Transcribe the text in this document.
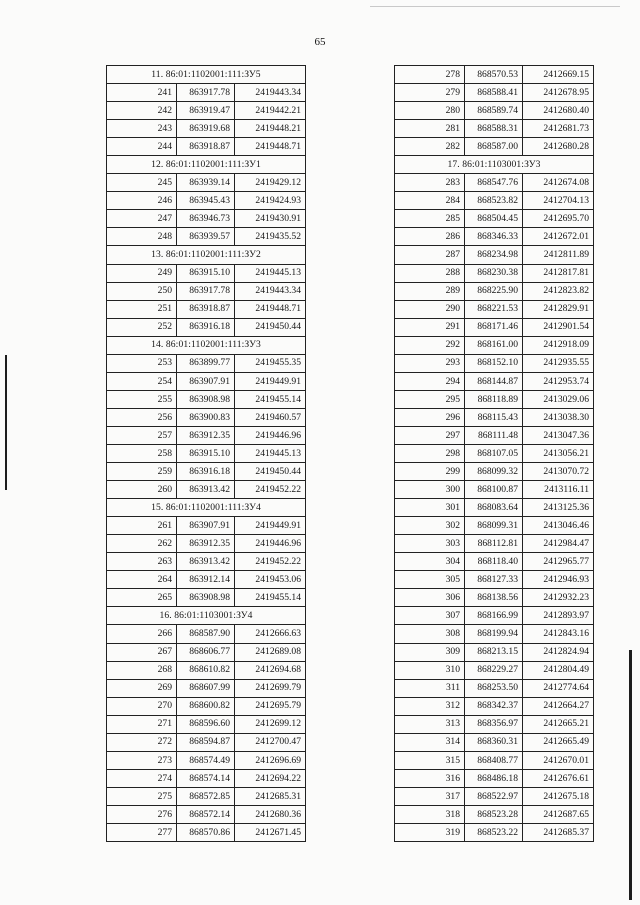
65
11. 86:01:1102001:111:ЗУ5		
241	863917.78	2419443.34
242	863919.47	2419442.21
243	863919.68	2419448.21
244	863918.87	2419448.71
12. 86:01:1102001:111:ЗУ1		
245	863939.14	2419429.12
246	863945.43	2419424.93
247	863946.73	2419430.91
248	863939.57	2419435.52
13. 86:01:1102001:111:ЗУ2		
249	863915.10	2419445.13
250	863917.78	2419443.34
251	863918.87	2419448.71
252	863916.18	2419450.44
14. 86:01:1102001:111:ЗУ3		
253	863899.77	2419455.35
254	863907.91	2419449.91
255	863908.98	2419455.14
256	863900.83	2419460.57
257	863912.35	2419446.96
258	863915.10	2419445.13
259	863916.18	2419450.44
260	863913.42	2419452.22
15. 86:01:1102001:111:ЗУ4		
261	863907.91	2419449.91
262	863912.35	2419446.96
263	863913.42	2419452.22
264	863912.14	2419453.06
265	863908.98	2419455.14
16. 86:01:1103001:ЗУ4		
266	868587.90	2412666.63
267	868606.77	2412689.08
268	868610.82	2412694.68
269	868607.99	2412699.79
270	868600.82	2412695.79
271	868596.60	2412699.12
272	868594.87	2412700.47
273	868574.49	2412696.69
274	868574.14	2412694.22
275	868572.85	2412685.31
276	868572.14	2412680.36
277	868570.86	2412671.45
278	868570.53	2412669.15
279	868588.41	2412678.95
280	868589.74	2412680.40
281	868588.31	2412681.73
282	868587.00	2412680.28
17. 86:01:1103001:ЗУ3		
283	868547.76	2412674.08
284	868523.82	2412704.13
285	868504.45	2412695.70
286	868346.33	2412672.01
287	868234.98	2412811.89
288	868230.38	2412817.81
289	868225.90	2412823.82
290	868221.53	2412829.91
291	868171.46	2412901.54
292	868161.00	2412918.09
293	868152.10	2412935.55
294	868144.87	2412953.74
295	868118.89	2413029.06
296	868115.43	2413038.30
297	868111.48	2413047.36
298	868107.05	2413056.21
299	868099.32	2413070.72
300	868100.87	2413116.11
301	868083.64	2413125.36
302	868099.31	2413046.46
303	868112.81	2412984.47
304	868118.40	2412965.77
305	868127.33	2412946.93
306	868138.56	2412932.23
307	868166.99	2412893.97
308	868199.94	2412843.16
309	868213.15	2412824.94
310	868229.27	2412804.49
311	868253.50	2412774.64
312	868342.37	2412664.27
313	868356.97	2412665.21
314	868360.31	2412665.49
315	868408.77	2412670.01
316	868486.18	2412676.61
317	868522.97	2412675.18
318	868523.28	2412687.65
319	868523.22	2412685.37
